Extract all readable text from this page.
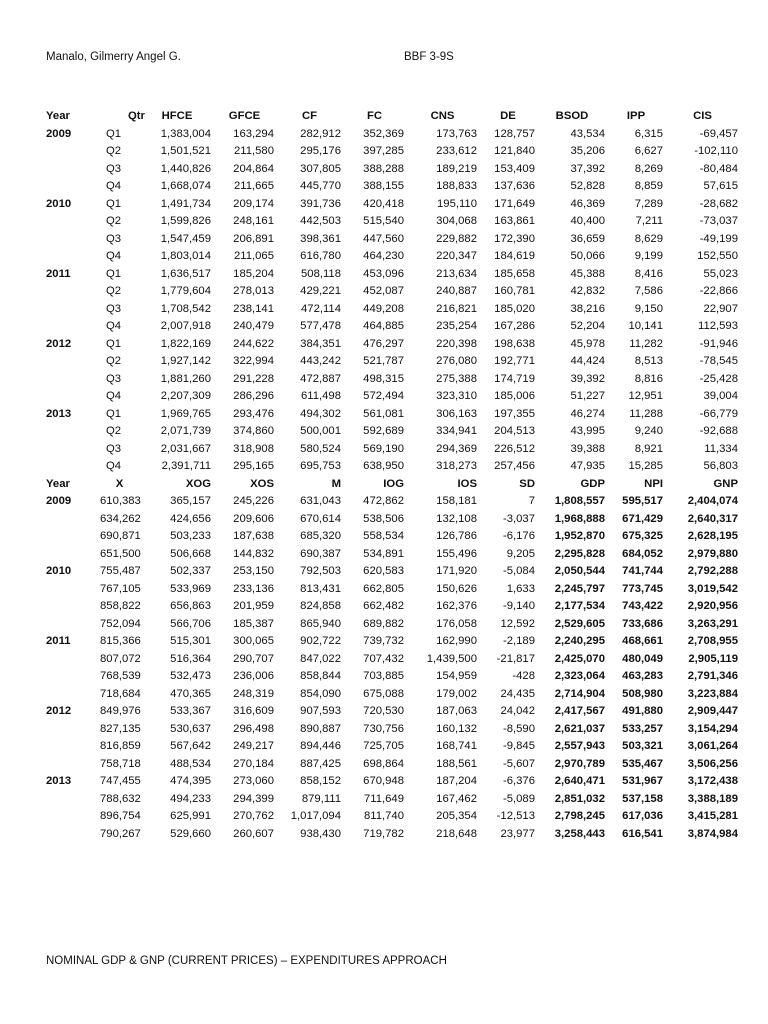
Manalo, Gilmerry Angel G.	BBF 3-9S
Year	Qtr	HFCE	GFCE	CF	FC	CNS	DE	BSOD	IPP	CIS
2009	Q1	1,383,004	163,294	282,912	352,369	173,763	128,757	43,534	6,315	-69,457
	Q2	1,501,521	211,580	295,176	397,285	233,612	121,840	35,206	6,627	-102,110
	Q3	1,440,826	204,864	307,805	388,288	189,219	153,409	37,392	8,269	-80,484
	Q4	1,668,074	211,665	445,770	388,155	188,833	137,636	52,828	8,859	57,615
2010	Q1	1,491,734	209,174	391,736	420,418	195,110	171,649	46,369	7,289	-28,682
	Q2	1,599,826	248,161	442,503	515,540	304,068	163,861	40,400	7,211	-73,037
	Q3	1,547,459	206,891	398,361	447,560	229,882	172,390	36,659	8,629	-49,199
	Q4	1,803,014	211,065	616,780	464,230	220,347	184,619	50,066	9,199	152,550
2011	Q1	1,636,517	185,204	508,118	453,096	213,634	185,658	45,388	8,416	55,023
	Q2	1,779,604	278,013	429,221	452,087	240,887	160,781	42,832	7,586	-22,866
	Q3	1,708,542	238,141	472,114	449,208	216,821	185,020	38,216	9,150	22,907
	Q4	2,007,918	240,479	577,478	464,885	235,254	167,286	52,204	10,141	112,593
2012	Q1	1,822,169	244,622	384,351	476,297	220,398	198,638	45,978	11,282	-91,946
	Q2	1,927,142	322,994	443,242	521,787	276,080	192,771	44,424	8,513	-78,545
	Q3	1,881,260	291,228	472,887	498,315	275,388	174,719	39,392	8,816	-25,428
	Q4	2,207,309	286,296	611,498	572,494	323,310	185,006	51,227	12,951	39,004
2013	Q1	1,969,765	293,476	494,302	561,081	306,163	197,355	46,274	11,288	-66,779
	Q2	2,071,739	374,860	500,001	592,689	334,941	204,513	43,995	9,240	-92,688
	Q3	2,031,667	318,908	580,524	569,190	294,369	226,512	39,388	8,921	11,334
	Q4	2,391,711	295,165	695,753	638,950	318,273	257,456	47,935	15,285	56,803
Year	X	XOG	XOS	M	IOG	IOS	SD	GDP	NPI	GNP
2009	610,383	365,157	245,226	631,043	472,862	158,181	7	1,808,557	595,517	2,404,074
	634,262	424,656	209,606	670,614	538,506	132,108	-3,037	1,968,888	671,429	2,640,317
	690,871	503,233	187,638	685,320	558,534	126,786	-6,176	1,952,870	675,325	2,628,195
	651,500	506,668	144,832	690,387	534,891	155,496	9,205	2,295,828	684,052	2,979,880
2010	755,487	502,337	253,150	792,503	620,583	171,920	-5,084	2,050,544	741,744	2,792,288
	767,105	533,969	233,136	813,431	662,805	150,626	1,633	2,245,797	773,745	3,019,542
	858,822	656,863	201,959	824,858	662,482	162,376	-9,140	2,177,534	743,422	2,920,956
	752,094	566,706	185,387	865,940	689,882	176,058	12,592	2,529,605	733,686	3,263,291
2011	815,366	515,301	300,065	902,722	739,732	162,990	-2,189	2,240,295	468,661	2,708,955
	807,072	516,364	290,707	847,022	707,432	1,439,500	-21,817	2,425,070	480,049	2,905,119
	768,539	532,473	236,006	858,844	703,885	154,959	-428	2,323,064	463,283	2,791,346
	718,684	470,365	248,319	854,090	675,088	179,002	24,435	2,714,904	508,980	3,223,884
2012	849,976	533,367	316,609	907,593	720,530	187,063	24,042	2,417,567	491,880	2,909,447
	827,135	530,637	296,498	890,887	730,756	160,132	-8,590	2,621,037	533,257	3,154,294
	816,859	567,642	249,217	894,446	725,705	168,741	-9,845	2,557,943	503,321	3,061,264
	758,718	488,534	270,184	887,425	698,864	188,561	-5,607	2,970,789	535,467	3,506,256
2013	747,455	474,395	273,060	858,152	670,948	187,204	-6,376	2,640,471	531,967	3,172,438
	788,632	494,233	294,399	879,111	711,649	167,462	-5,089	2,851,032	537,158	3,388,189
	896,754	625,991	270,762	1,017,094	811,740	205,354	-12,513	2,798,245	617,036	3,415,281
	790,267	529,660	260,607	938,430	719,782	218,648	23,977	3,258,443	616,541	3,874,984
NOMINAL GDP & GNP (CURRENT PRICES) – EXPENDITURES APPROACH
